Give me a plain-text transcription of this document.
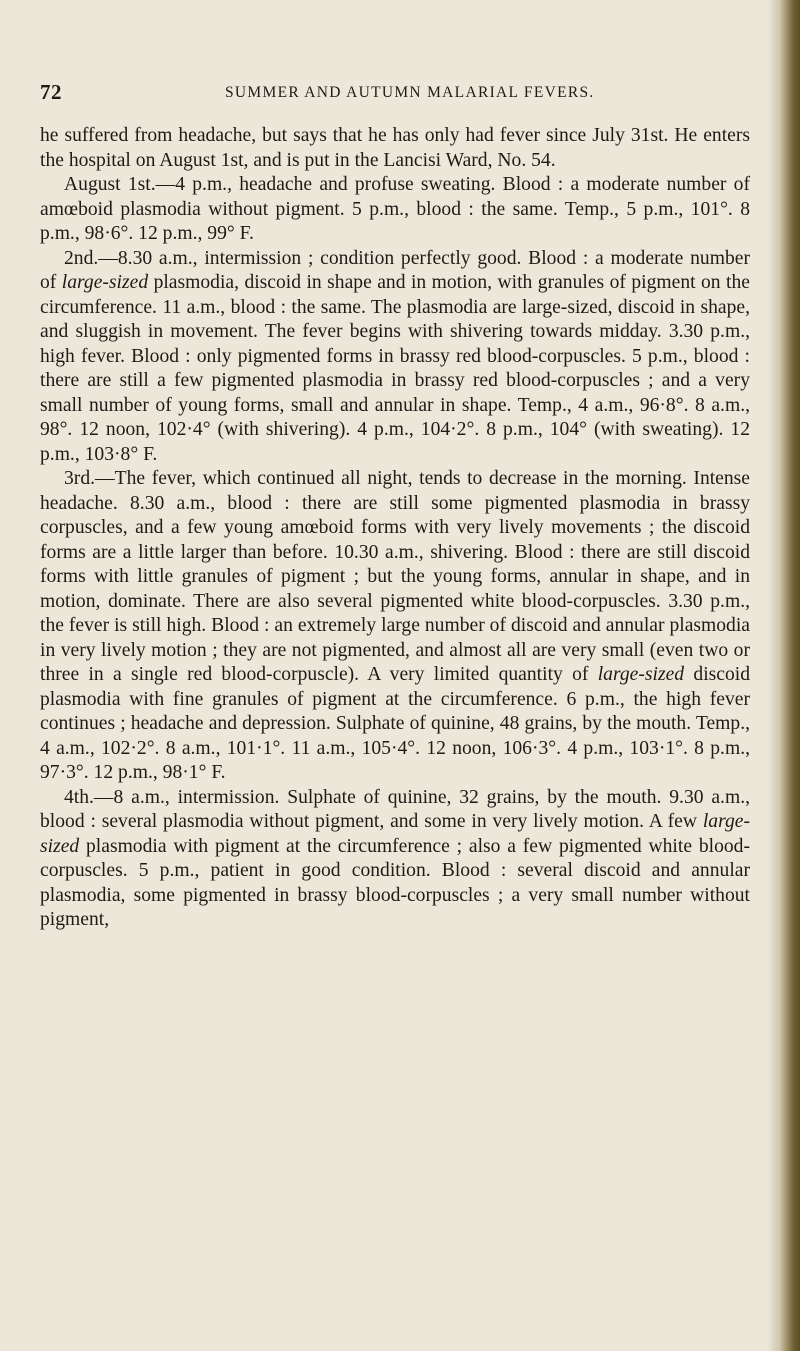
72	SUMMER AND AUTUMN MALARIAL FEVERS.

he suffered from headache, but says that he has only had fever since July 31st. He enters the hospital on August 1st, and is put in the Lancisi Ward, No. 54.

August 1st.—4 p.m., headache and profuse sweating. Blood : a moderate number of amœboid plasmodia without pigment. 5 p.m., blood : the same. Temp., 5 p.m., 101°. 8 p.m., 98·6°. 12 p.m., 99° F.

2nd.—8.30 a.m., intermission ; condition perfectly good. Blood : a moderate number of large-sized plasmodia, discoid in shape and in motion, with granules of pigment on the circumference. 11 a.m., blood : the same. The plasmodia are large-sized, discoid in shape, and sluggish in movement. The fever begins with shivering towards midday. 3.30 p.m., high fever. Blood : only pigmented forms in brassy red blood-corpuscles. 5 p.m., blood : there are still a few pigmented plasmodia in brassy red blood-corpuscles ; and a very small number of young forms, small and annular in shape. Temp., 4 a.m., 96·8°. 8 a.m., 98°. 12 noon, 102·4° (with shivering). 4 p.m., 104·2°. 8 p.m., 104° (with sweating). 12 p.m., 103·8° F.

3rd.—The fever, which continued all night, tends to decrease in the morning. Intense headache. 8.30 a.m., blood : there are still some pigmented plasmodia in brassy corpuscles, and a few young amœboid forms with very lively movements ; the discoid forms are a little larger than before. 10.30 a.m., shivering. Blood : there are still discoid forms with little granules of pigment ; but the young forms, annular in shape, and in motion, dominate. There are also several pigmented white blood-corpuscles. 3.30 p.m., the fever is still high. Blood : an extremely large number of discoid and annular plasmodia in very lively motion ; they are not pigmented, and almost all are very small (even two or three in a single red blood-corpuscle). A very limited quantity of large-sized discoid plasmodia with fine granules of pigment at the circumference. 6 p.m., the high fever continues ; headache and depression. Sulphate of quinine, 48 grains, by the mouth. Temp., 4 a.m., 102·2°. 8 a.m., 101·1°. 11 a.m., 105·4°. 12 noon, 106·3°. 4 p.m., 103·1°. 8 p.m., 97·3°. 12 p.m., 98·1° F.

4th.—8 a.m., intermission. Sulphate of quinine, 32 grains, by the mouth. 9.30 a.m., blood : several plasmodia without pigment, and some in very lively motion. A few large-sized plasmodia with pigment at the circumference ; also a few pigmented white blood-corpuscles. 5 p.m., patient in good condition. Blood : several discoid and annular plasmodia, some pigmented in brassy blood-corpuscles ; a very small number without pigment,
